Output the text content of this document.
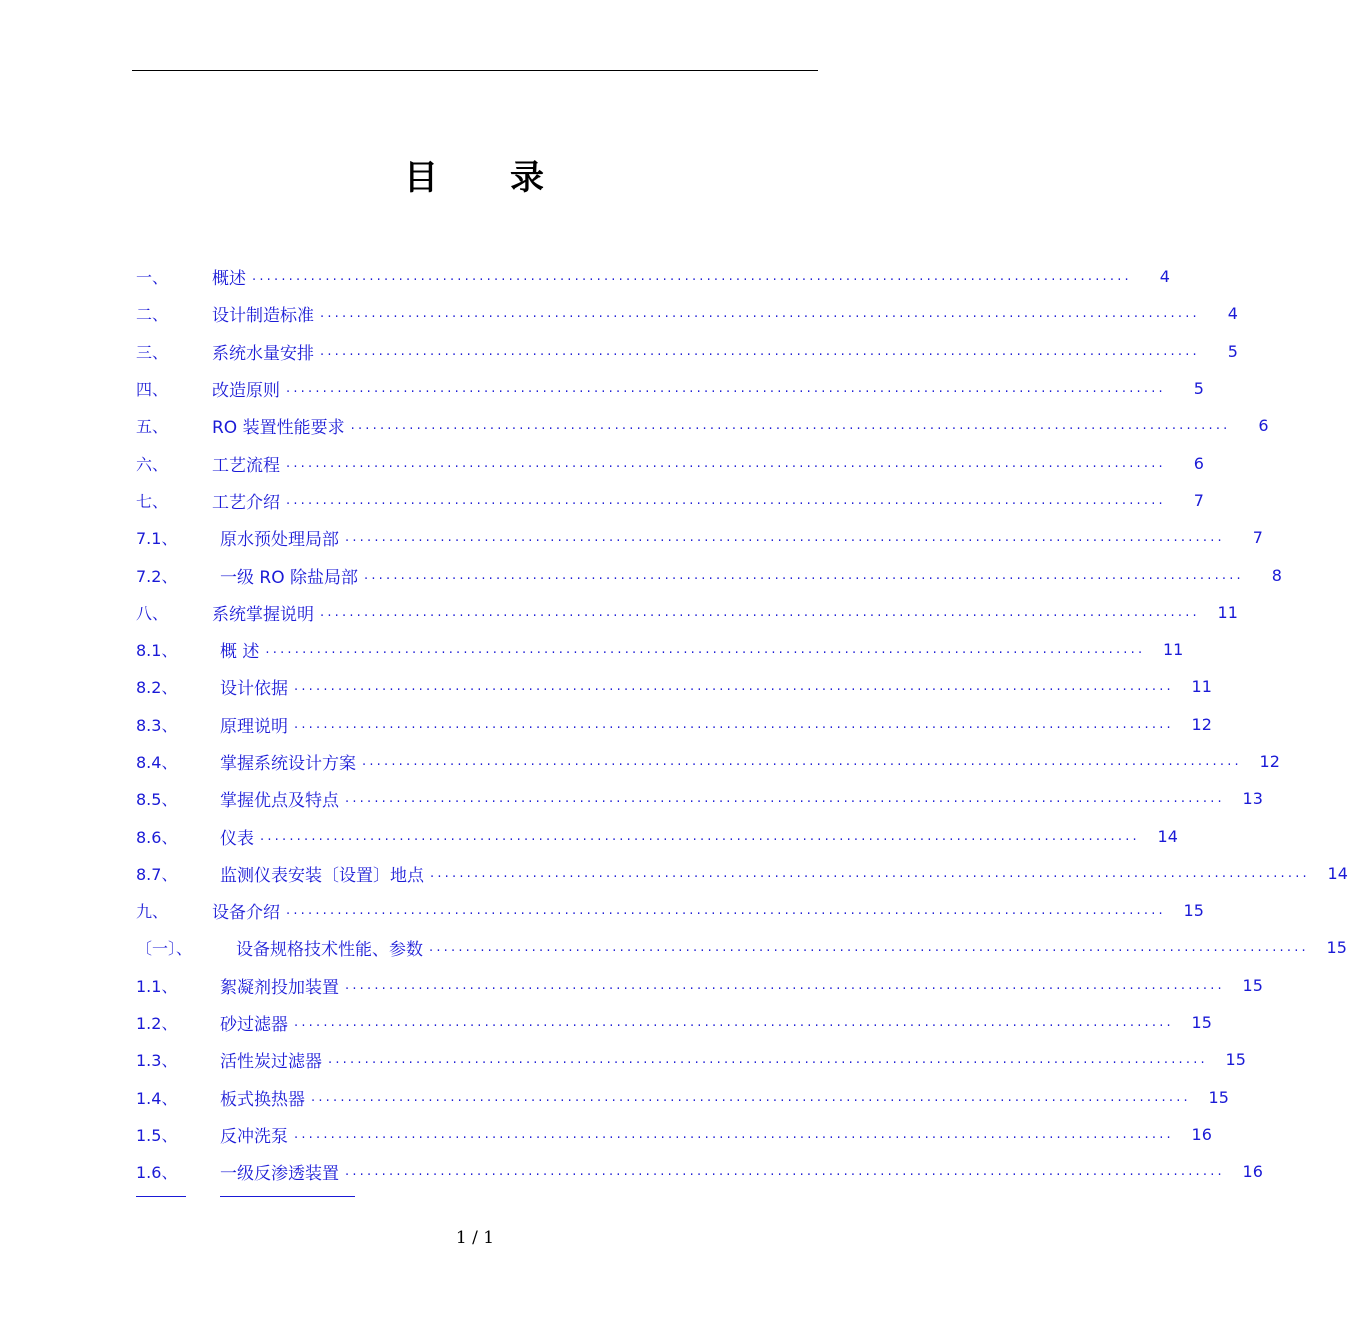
目 录
一、	概述 ........................................................................................................................	4
二、	设计制造标准 ........................................................................................................................	4
三、	系统水量安排 ........................................................................................................................	5
四、	改造原则 ........................................................................................................................	5
五、	RO 装置性能要求 ........................................................................................................................	6
六、	工艺流程 ........................................................................................................................	6
七、	工艺介绍 ........................................................................................................................	7
7.1、	原水预处理局部 ........................................................................................................................	7
7.2、	一级 RO 除盐局部 ........................................................................................................................	8
八、	系统掌握说明 ........................................................................................................................	11
8.1、	概 述 ........................................................................................................................	11
8.2、	设计依据 ........................................................................................................................	11
8.3、	原理说明 ........................................................................................................................	12
8.4、	掌握系统设计方案 ........................................................................................................................	12
8.5、	掌握优点及特点 ........................................................................................................................	13
8.6、	仪表 ........................................................................................................................	14
8.7、	监测仪表安装〔设置〕地点 ........................................................................................................................	14
九、	设备介绍 ........................................................................................................................	15
〔一〕、	设备规格技术性能、参数 ........................................................................................................................	15
1.1、	絮凝剂投加装置 ........................................................................................................................	15
1.2、	砂过滤器 ........................................................................................................................	15
1.3、	活性炭过滤器 ........................................................................................................................	15
1.4、	板式换热器 ........................................................................................................................	15
1.5、	反冲洗泵 ........................................................................................................................	16
1.6、	一级反渗透装置 ........................................................................................................................	16
1 / 1
